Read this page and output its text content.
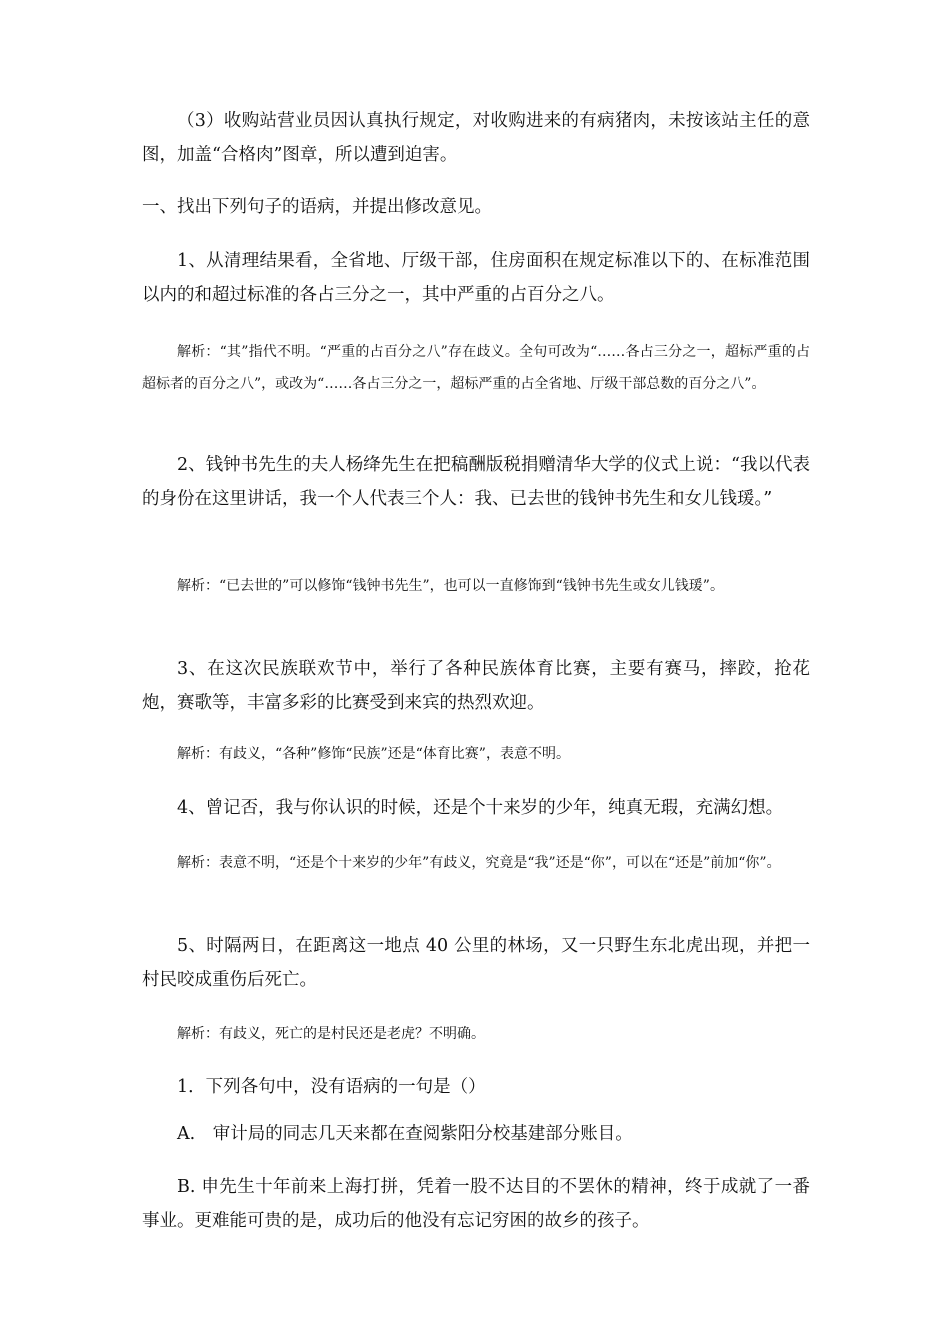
（3）收购站营业员因认真执行规定，对收购进来的有病猪肉，未按该站主任的意图，加盖“合格肉”图章，所以遭到迫害。

一、找出下列句子的语病，并提出修改意见。

1、从清理结果看，全省地、厅级干部，住房面积在规定标准以下的、在标准范围以内的和超过标准的各占三分之一，其中严重的占百分之八。

解析：“其”指代不明。“严重的占百分之八”存在歧义。全句可改为“……各占三分之一，超标严重的占超标者的百分之八”，或改为“……各占三分之一，超标严重的占全省地、厅级干部总数的百分之八”。

2、钱钟书先生的夫人杨绛先生在把稿酬版税捐赠清华大学的仪式上说：“我以代表的身份在这里讲话，我一个人代表三个人：我、已去世的钱钟书先生和女儿钱瑗。”

解析：“已去世的”可以修饰“钱钟书先生”，也可以一直修饰到“钱钟书先生或女儿钱瑗”。

3、在这次民族联欢节中，举行了各种民族体育比赛，主要有赛马，摔跤，抢花炮，赛歌等，丰富多彩的比赛受到来宾的热烈欢迎。

解析：有歧义，“各种”修饰“民族”还是“体育比赛”，表意不明。

4、曾记否，我与你认识的时候，还是个十来岁的少年，纯真无瑕，充满幻想。

解析：表意不明，“还是个十来岁的少年”有歧义，究竟是“我”还是“你”，可以在“还是”前加“你”。

5、时隔两日，在距离这一地点 40 公里的林场，又一只野生东北虎出现，并把一村民咬成重伤后死亡。

解析：有歧义，死亡的是村民还是老虎？不明确。

1．下列各句中，没有语病的一句是（）

A.　审计局的同志几天来都在查阅紫阳分校基建部分账目。

B. 申先生十年前来上海打拼，凭着一股不达目的不罢休的精神，终于成就了一番事业。更难能可贵的是，成功后的他没有忘记穷困的故乡的孩子。
